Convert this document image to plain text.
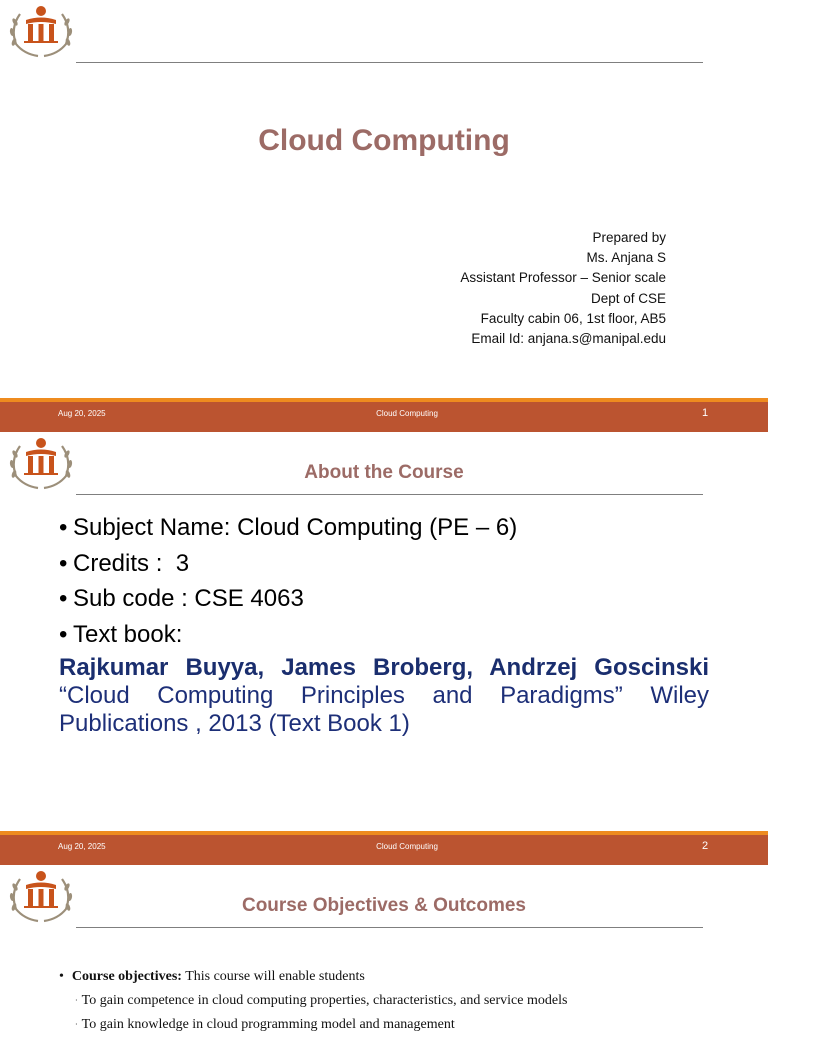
Cloud Computing
Prepared by
Ms. Anjana S
Assistant Professor – Senior scale
Dept of CSE
Faculty cabin 06, 1st floor, AB5
Email Id: anjana.s@manipal.edu
Aug 20, 2025	Cloud Computing	1
About the Course
• Subject Name: Cloud Computing (PE – 6)
• Credits :  3
• Sub code : CSE 4063
• Text book:
Rajkumar Buyya, James Broberg, Andrzej Goscinski
“Cloud Computing Principles and Paradigms” Wiley Publications , 2013 (Text Book 1)
Aug 20, 2025	Cloud Computing	2
Course Objectives & Outcomes
• Course objectives: This course will enable students
· To gain competence in cloud computing properties, characteristics, and service models
· To gain knowledge in cloud programming model and management
